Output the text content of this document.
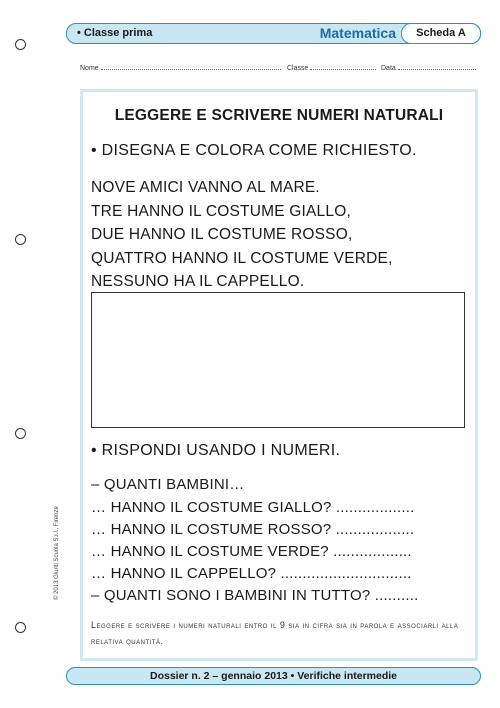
• Classe prima	Matematica	Scheda A
Nome	Classe	Data
LEGGERE E SCRIVERE NUMERI NATURALI
• DISEGNA E COLORA COME RICHIESTO.
NOVE AMICI VANNO AL MARE.
TRE HANNO IL COSTUME GIALLO,
DUE HANNO IL COSTUME ROSSO,
QUATTRO HANNO IL COSTUME VERDE,
NESSUNO HA IL CAPPELLO.
• RISPONDI USANDO I NUMERI.
– QUANTI BAMBINI…
… HANNO IL COSTUME GIALLO? ..................
… HANNO IL COSTUME ROSSO? ..................
… HANNO IL COSTUME VERDE? ..................
… HANNO IL CAPPELLO? ..............................
– QUANTI SONO I BAMBINI IN TUTTO? ..........
Leggere e scrivere i numeri naturali entro il 9 sia in cifra sia in parola e associarli alla relativa quantità.
© 2013 Giunti Scuola S.r.l., Firenze
Dossier n. 2 – gennaio 2013 • Verifiche intermedie
